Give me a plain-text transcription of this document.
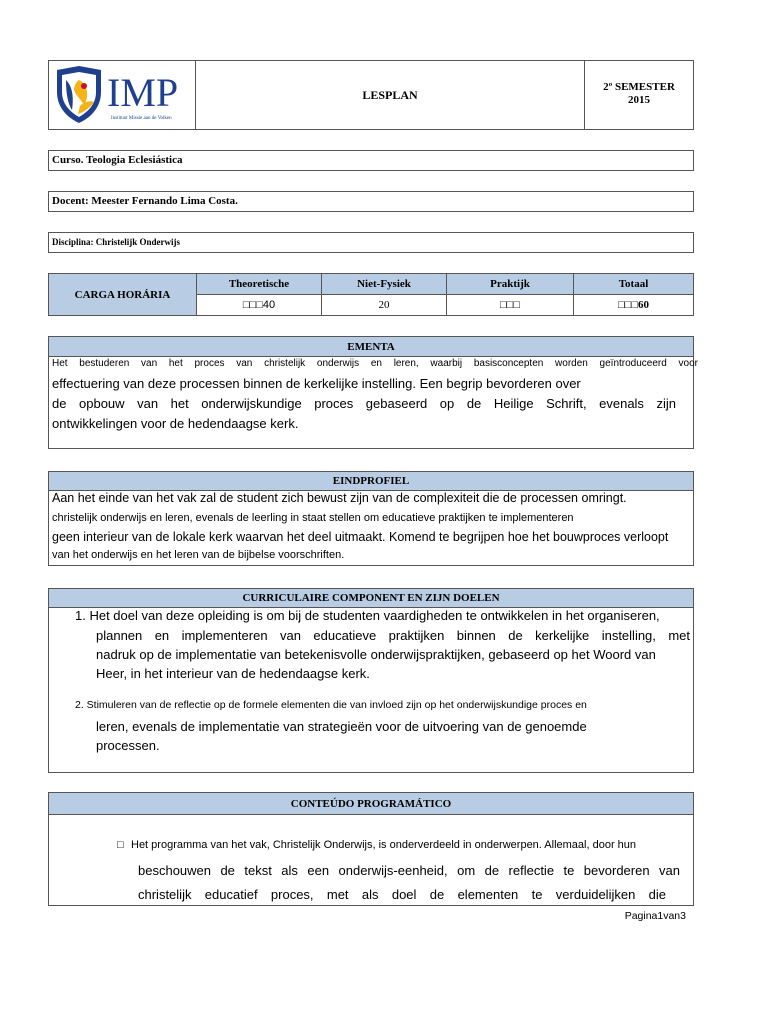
IMP
Instituut Missie aan de Volken
LESPLAN
2º SEMESTER
2015
Curso. Teologia Eclesiástica
Docent: Meester Fernando Lima Costa.
Disciplina: Christelijk Onderwijs
CARGA HORÁRIA	Theoretische	Niet-Fysiek	Praktijk	Totaal
	□□□40	20	□□□	□□□60
EMENTA
Het bestuderen van het proces van christelijk onderwijs en leren, waarbij basisconcepten worden geïntroduceerd voor
effectuering van deze processen binnen de kerkelijke instelling. Een begrip bevorderen over
de opbouw van het onderwijskundige proces gebaseerd op de Heilige Schrift, evenals zijn
ontwikkelingen voor de hedendaagse kerk.
EINDPROFIEL
Aan het einde van het vak zal de student zich bewust zijn van de complexiteit die de processen omringt.
christelijk onderwijs en leren, evenals de leerling in staat stellen om educatieve praktijken te implementeren
geen interieur van de lokale kerk waarvan het deel uitmaakt. Komend te begrijpen hoe het bouwproces verloopt
van het onderwijs en het leren van de bijbelse voorschriften.
CURRICULAIRE COMPONENT EN ZIJN DOELEN
1. Het doel van deze opleiding is om bij de studenten vaardigheden te ontwikkelen in het organiseren,
plannen en implementeren van educatieve praktijken binnen de kerkelijke instelling, met
nadruk op de implementatie van betekenisvolle onderwijspraktijken, gebaseerd op het Woord van
Heer, in het interieur van de hedendaagse kerk.
2. Stimuleren van de reflectie op de formele elementen die van invloed zijn op het onderwijskundige proces en
leren, evenals de implementatie van strategieën voor de uitvoering van de genoemde
processen.
CONTEÚDO PROGRAMÁTICO
□ Het programma van het vak, Christelijk Onderwijs, is onderverdeeld in onderwerpen. Allemaal, door hun
beschouwen de tekst als een onderwijs-eenheid, om de reflectie te bevorderen van
christelijk educatief proces, met als doel de elementen te verduidelijken die
Pagina1van3
